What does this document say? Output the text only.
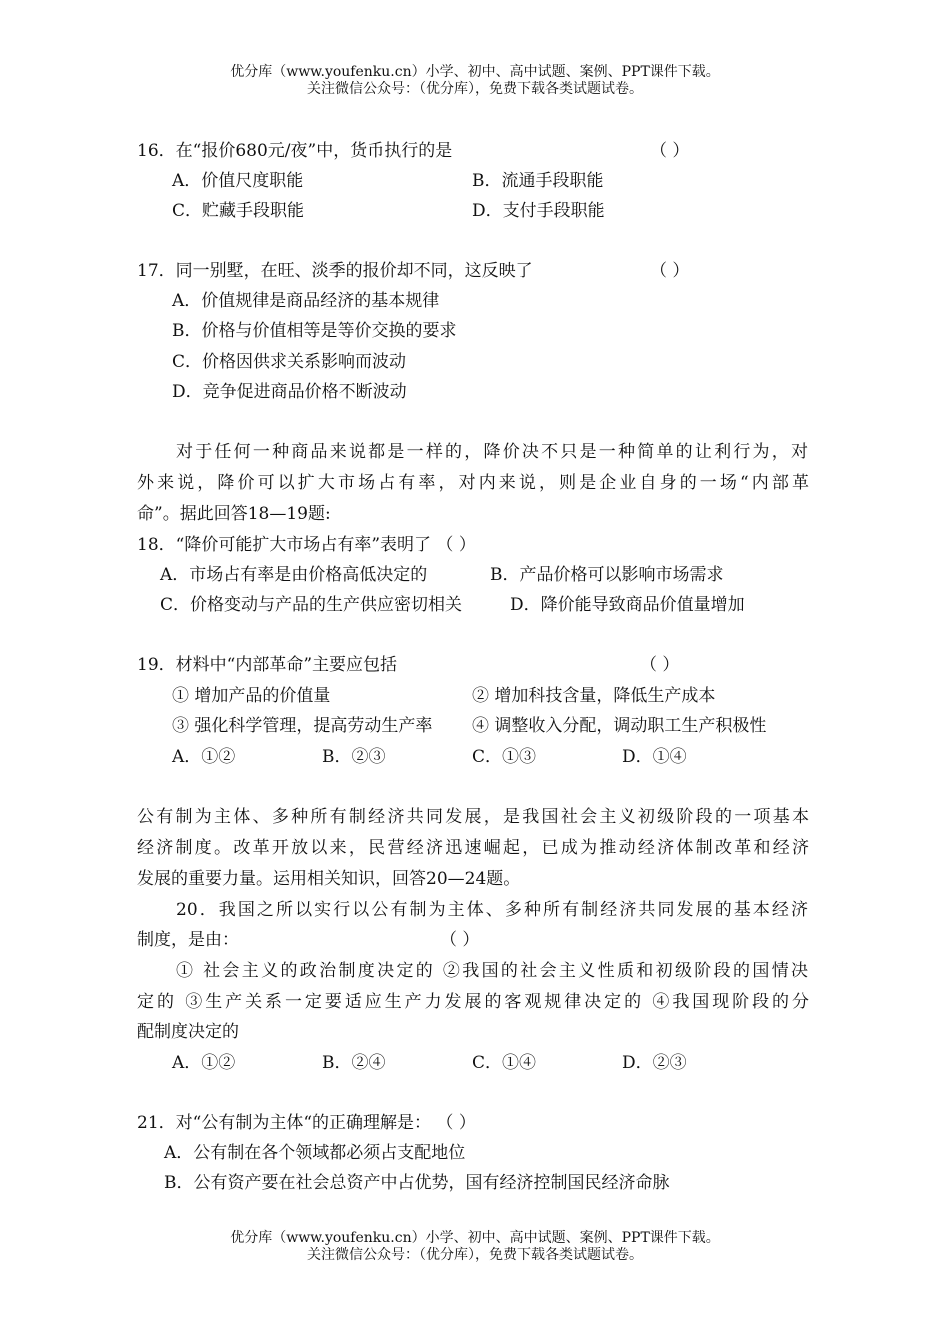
优分库（www.youfenku.cn）小学、初中、高中试题、案例、PPT课件下载。
关注微信公众号：（优分库），免费下载各类试题试卷。
16．在“报价680元/夜”中，货币执行的是	（ ）
A．价值尺度职能	B．流通手段职能
C．贮藏手段职能	D．支付手段职能
17．同一别墅，在旺、淡季的报价却不同，这反映了	（ ）
A．价值规律是商品经济的基本规律
B．价格与价值相等是等价交换的要求
C．价格因供求关系影响而波动
D．竞争促进商品价格不断波动
对于任何一种商品来说都是一样的，降价决不只是一种简单的让利行为，对
外来说，降价可以扩大市场占有率，对内来说，则是企业自身的一场“内部革
命”。据此回答18—19题:
18．“降价可能扩大市场占有率”表明了 （ ）
A．市场占有率是由价格高低决定的	B．产品价格可以影响市场需求
C．价格变动与产品的生产供应密切相关	D．降价能导致商品价值量增加
19．材料中“内部革命”主要应包括	（ ）
① 增加产品的价值量	② 增加科技含量，降低生产成本
③ 强化科学管理，提高劳动生产率 ④ 调整收入分配，调动职工生产积极性
A．①②	B．②③	C．①③	D．①④
公有制为主体、多种所有制经济共同发展，是我国社会主义初级阶段的一项基本
经济制度。改革开放以来，民营经济迅速崛起，已成为推动经济体制改革和经济
发展的重要力量。运用相关知识，回答20—24题。
20．我国之所以实行以公有制为主体、多种所有制经济共同发展的基本经济
制度，是由：	（ ）
① 社会主义的政治制度决定的 ②我国的社会主义性质和初级阶段的国情决
定的 ③生产关系一定要适应生产力发展的客观规律决定的 ④我国现阶段的分
配制度决定的
A．①②	B．②④	C．①④	D．②③
21．对“公有制为主体“的正确理解是： （ ）
A．公有制在各个领域都必须占支配地位
B．公有资产要在社会总资产中占优势，国有经济控制国民经济命脉
优分库（www.youfenku.cn）小学、初中、高中试题、案例、PPT课件下载。
关注微信公众号：（优分库），免费下载各类试题试卷。
